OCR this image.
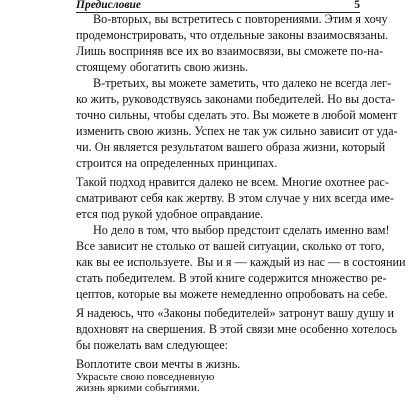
Предисловие	5
Во-вторых, вы встретитесь с повторениями. Этим я хочу
продемонстрировать, что отдельные законы взаимосвязаны.
Лишь восприняв все их во взаимосвязи, вы сможете по-на-
стоящему обогатить свою жизнь.
В-третьих, вы можете заметить, что далеко не всегда лег-
ко жить, руководствуясь законами победителей. Но вы доста-
точно сильны, чтобы сделать это. Вы можете в любой момент
изменить свою жизнь. Успех не так уж сильно зависит от уда-
чи. Он является результатом вашего образа жизни, который
строится на определенных принципах.
Такой подход нравится далеко не всем. Многие охотнее рас-
сматривают себя как жертву. В этом случае у них всегда име-
ется под рукой удобное оправдание.
Но дело в том, что выбор предстоит сделать именно вам!
Все зависит не столько от вашей ситуации, сколько от того,
как вы ее используете. Вы и я — каждый из нас — в состоянии
стать победителем. В этой книге содержится множество ре-
цептов, которые вы можете немедленно опробовать на себе.
Я надеюсь, что «Законы победителей» затронут вашу душу и
вдохновят на свершения. В этой связи мне особенно хотелось
бы пожелать вам следующее:
Воплотите свои мечты в жизнь.
Украсьте свою повседневную жизнь яркими событиями.
